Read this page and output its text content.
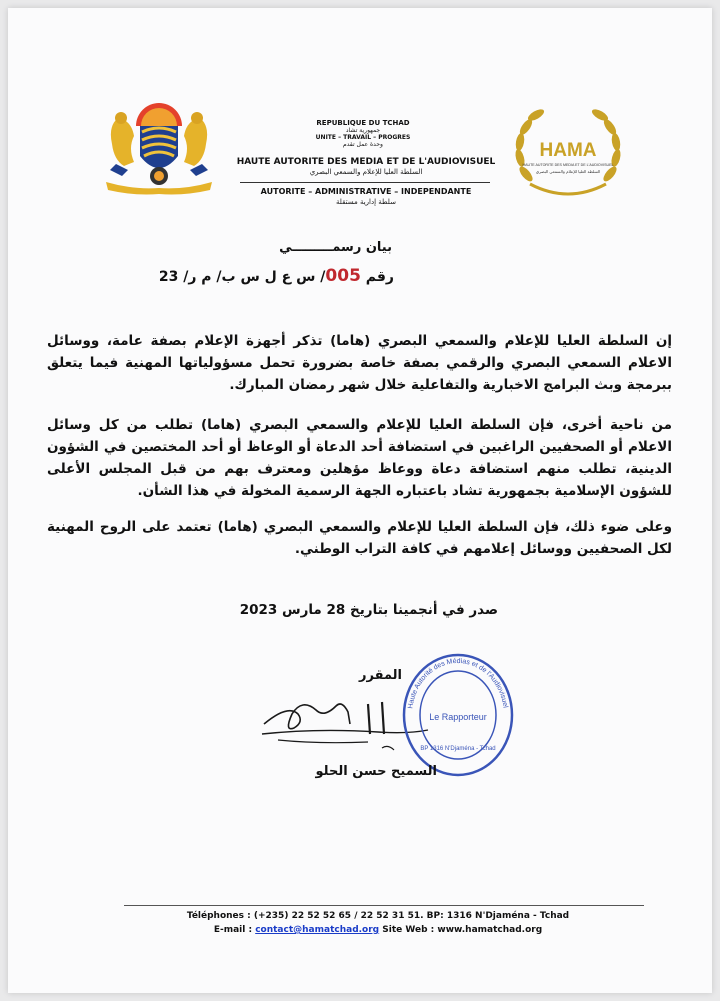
REPUBLIQUE DU TCHAD
جمهورية تشاد
UNITE – TRAVAIL – PROGRES
وحدة عمل تقدم
HAUTE AUTORITE DES MEDIA ET DE L'AUDIOVISUEL
السلطة العليا للإعلام والسمعي البصري
AUTORITE – ADMINISTRATIVE – INDEPENDANTE
سلطة إدارية مستقلة
HAMA
HAUTE AUTORITE DES MEDIA ET DE L'AUDIOVISUEL
السلطة العليا للإعلام والسمعي البصري
بيان رسمـــــــــي
رقم 005/ س ع ل س ب/ م ر/ 23
إن السلطة العليا للإعلام والسمعي البصري (هاما) تذكر أجهزة الإعلام بصفة عامة، ووسائل الاعلام السمعي البصري والرقمي بصفة خاصة بضرورة تحمل مسؤولياتها المهنية فيما يتعلق ببرمجة وبث البرامج الاخبارية والتفاعلية خلال شهر رمضان المبارك.
من ناحية أخرى، فإن السلطة العليا للإعلام والسمعي البصري (هاما) تطلب من كل وسائل الاعلام أو الصحفيين الراغبين في استضافة أحد الدعاة أو الوعاظ أو أحد المختصين في الشؤون الدينية، تطلب منهم استضافة دعاة ووعاظ مؤهلين ومعترف بهم من قبل المجلس الأعلى للشؤون الإسلامية بجمهورية تشاد باعتباره الجهة الرسمية المخولة في هذا الشأن.
وعلى ضوء ذلك، فإن السلطة العليا للإعلام والسمعي البصري (هاما) تعتمد على الروح المهنية لكل الصحفيين ووسائل إعلامهم في كافة التراب الوطني.
صدر في أنجمينا بتاريخ 28 مارس 2023
المقرر
Haute Autorité des Médias et de l'Audiovisuel
Le Rapporteur
BP 1316 N'Djaména - Tchad
السميح حسن الحلو
Téléphones : (+235) 22 52 52 65 / 22 52 31 51. BP: 1316 N'Djaména - Tchad
E-mail : contact@hamatchad.org Site Web : www.hamatchad.org
